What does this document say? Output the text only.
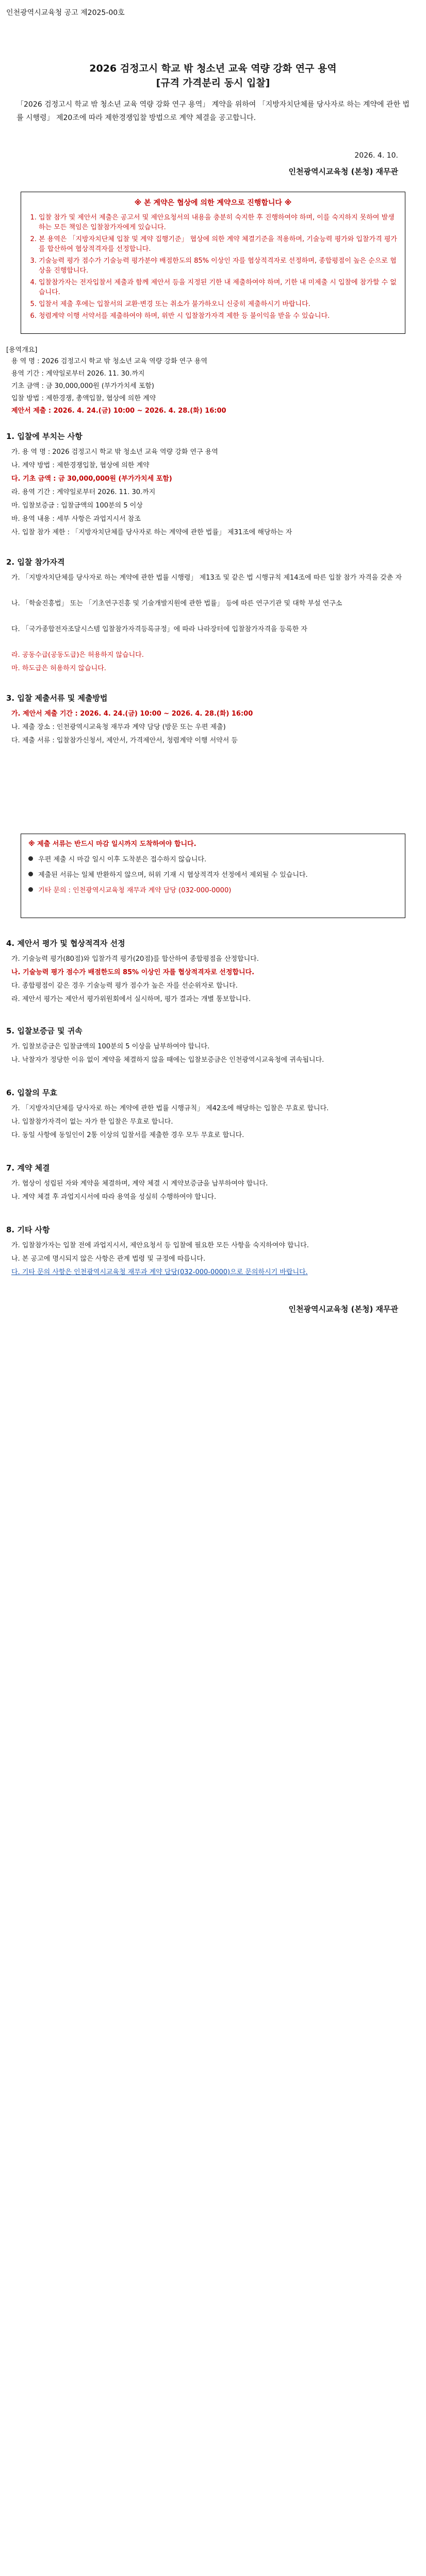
인천광역시교육청 공고 제2025-00호
2026 검정고시 학교 밖 청소년 교육 역량 강화 연구 용역
[규격 가격분리 동시 입찰]
「2026 검정고시 학교 밖 청소년 교육 역량 강화 연구 용역」 계약을 위하여 「지방자치단체를 당사자로 하는 계약에 관한 법률 시행령」 제20조에 따라 제한경쟁입찰 방법으로 계약 체결을 공고합니다.
2026. 4. 10.
인천광역시교육청 (본청) 재무관
※ 본 계약은 협상에 의한 계약으로 진행합니다 ※
1. 입찰 참가 및 제안서 제출은 공고서 및 제안요청서의 내용을 충분히 숙지한 후 진행하여야 하며, 이를 숙지하지 못하여 발생하는 모든 책임은 입찰참가자에게 있습니다.
2. 본 용역은 「지방자치단체 입찰 및 계약 집행기준」 협상에 의한 계약 체결기준을 적용하며, 기술능력 평가와 입찰가격 평가를 합산하여 협상적격자를 선정합니다.
3. 기술능력 평가 점수가 기술능력 평가분야 배점한도의 85% 이상인 자를 협상적격자로 선정하며, 종합평점이 높은 순으로 협상을 진행합니다.
4. 입찰참가자는 전자입찰서 제출과 함께 제안서 등을 지정된 기한 내 제출하여야 하며, 기한 내 미제출 시 입찰에 참가할 수 없습니다.
5. 입찰서 제출 후에는 입찰서의 교환·변경 또는 취소가 불가하오니 신중히 제출하시기 바랍니다.
6. 청렴계약 이행 서약서를 제출하여야 하며, 위반 시 입찰참가자격 제한 등 불이익을 받을 수 있습니다.
[용역개요]
용 역 명 : 2026 검정고시 학교 밖 청소년 교육 역량 강화 연구 용역
용역 기간 : 계약일로부터 2026. 11. 30.까지
기초 금액 : 금 30,000,000원 (부가가치세 포함)
입찰 방법 : 제한경쟁, 총액입찰, 협상에 의한 계약
제안서 제출 : 2026. 4. 24.(금) 10:00 ~ 2026. 4. 28.(화) 16:00
1. 입찰에 부치는 사항
가. 용 역 명 : 2026 검정고시 학교 밖 청소년 교육 역량 강화 연구 용역
나. 계약 방법 : 제한경쟁입찰, 협상에 의한 계약
다. 기초 금액 : 금 30,000,000원 (부가가치세 포함)
라. 용역 기간 : 계약일로부터 2026. 11. 30.까지
마. 입찰보증금 : 입찰금액의 100분의 5 이상
바. 용역 내용 : 세부 사항은 과업지시서 참조
사. 입찰 참가 제한 : 「지방자치단체를 당사자로 하는 계약에 관한 법률」 제31조에 해당하는 자
2. 입찰 참가자격
가. 「지방자치단체를 당사자로 하는 계약에 관한 법률 시행령」 제13조 및 같은 법 시행규칙 제14조에 따른 입찰 참가 자격을 갖춘 자
나. 「학술진흥법」 또는 「기초연구진흥 및 기술개발지원에 관한 법률」 등에 따른 연구기관 및 대학 부설 연구소
다. 「국가종합전자조달시스템 입찰참가자격등록규정」에 따라 나라장터에 입찰참가자격을 등록한 자
라. 공동수급(공동도급)은 허용하지 않습니다.
마. 하도급은 허용하지 않습니다.
3. 입찰 제출서류 및 제출방법
가. 제안서 제출 기간 : 2026. 4. 24.(금) 10:00 ~ 2026. 4. 28.(화) 16:00
나. 제출 장소 : 인천광역시교육청 재무과 계약 담당 (방문 또는 우편 제출)
다. 제출 서류 : 입찰참가신청서, 제안서, 가격제안서, 청렴계약 이행 서약서 등
※ 제출 서류는 반드시 마감 일시까지 도착하여야 합니다.
우편 제출 시 마감 일시 이후 도착분은 접수하지 않습니다.
제출된 서류는 일체 반환하지 않으며, 허위 기재 시 협상적격자 선정에서 제외될 수 있습니다.
기타 문의 : 인천광역시교육청 재무과 계약 담당 (032-000-0000)
4. 제안서 평가 및 협상적격자 선정
가. 기술능력 평가(80점)와 입찰가격 평가(20점)를 합산하여 종합평점을 산정합니다.
나. 기술능력 평가 점수가 배점한도의 85% 이상인 자를 협상적격자로 선정합니다.
다. 종합평점이 같은 경우 기술능력 평가 점수가 높은 자를 선순위자로 합니다.
라. 제안서 평가는 제안서 평가위원회에서 실시하며, 평가 결과는 개별 통보합니다.
5. 입찰보증금 및 귀속
가. 입찰보증금은 입찰금액의 100분의 5 이상을 납부하여야 합니다.
나. 낙찰자가 정당한 이유 없이 계약을 체결하지 않을 때에는 입찰보증금은 인천광역시교육청에 귀속됩니다.
6. 입찰의 무효
가. 「지방자치단체를 당사자로 하는 계약에 관한 법률 시행규칙」 제42조에 해당하는 입찰은 무효로 합니다.
나. 입찰참가자격이 없는 자가 한 입찰은 무효로 합니다.
다. 동일 사항에 동일인이 2통 이상의 입찰서를 제출한 경우 모두 무효로 합니다.
7. 계약 체결
가. 협상이 성립된 자와 계약을 체결하며, 계약 체결 시 계약보증금을 납부하여야 합니다.
나. 계약 체결 후 과업지시서에 따라 용역을 성실히 수행하여야 합니다.
8. 기타 사항
가. 입찰참가자는 입찰 전에 과업지시서, 제안요청서 등 입찰에 필요한 모든 사항을 숙지하여야 합니다.
나. 본 공고에 명시되지 않은 사항은 관계 법령 및 규정에 따릅니다.
다. 기타 문의 사항은 인천광역시교육청 재무과 계약 담당(032-000-0000)으로 문의하시기 바랍니다.
인천광역시교육청 (본청) 재무관
